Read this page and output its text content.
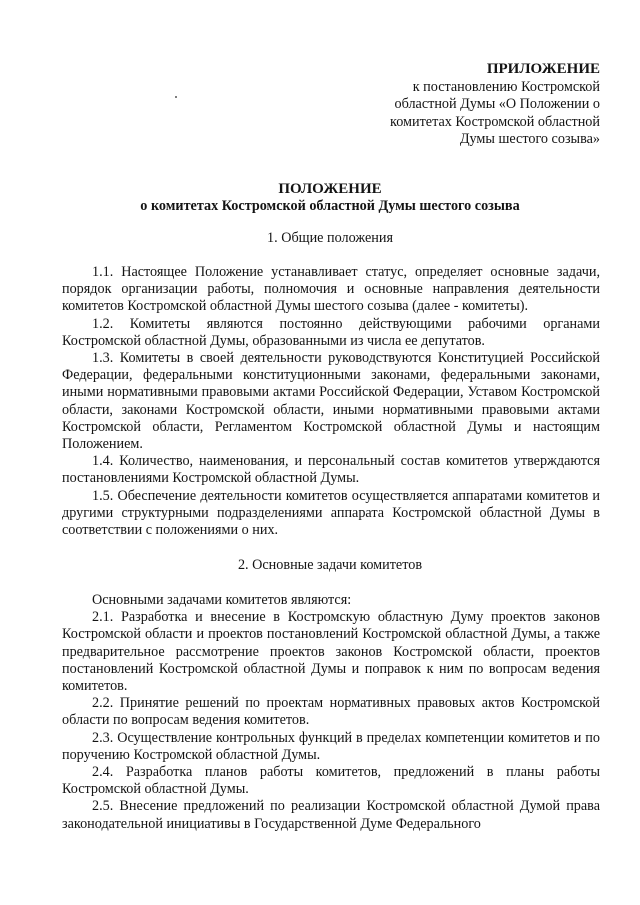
ПРИЛОЖЕНИЕ
к постановлению Костромской
областной Думы «О Положении о
комитетах Костромской областной
Думы шестого созыва»
ПОЛОЖЕНИЕ
о комитетах Костромской областной Думы шестого созыва
1. Общие положения

1.1. Настоящее Положение устанавливает статус, определяет основные задачи, порядок организации работы, полномочия и основные направления деятельности комитетов Костромской областной Думы шестого созыва (далее - комитеты).

1.2. Комитеты являются постоянно действующими рабочими органами Костромской областной Думы, образованными из числа ее депутатов.

1.3. Комитеты в своей деятельности руководствуются Конституцией Российской Федерации, федеральными конституционными законами, федеральными законами, иными нормативными правовыми актами Российской Федерации, Уставом Костромской области, законами Костромской области, иными нормативными правовыми актами Костромской области, Регламентом Костромской областной Думы и настоящим Положением.

1.4. Количество, наименования, и персональный состав комитетов утверждаются постановлениями Костромской областной Думы.

1.5. Обеспечение деятельности комитетов осуществляется аппаратами комитетов и другими структурными подразделениями аппарата Костромской областной Думы в соответствии с положениями о них.

2. Основные задачи комитетов

Основными задачами комитетов являются:

2.1. Разработка и внесение в Костромскую областную Думу проектов законов Костромской области и проектов постановлений Костромской областной Думы, а также предварительное рассмотрение проектов законов Костромской области, проектов постановлений Костромской областной Думы и поправок к ним по вопросам ведения комитетов.

2.2. Принятие решений по проектам нормативных правовых актов Костромской области по вопросам ведения комитетов.

2.3. Осуществление контрольных функций в пределах компетенции комитетов и по поручению Костромской областной Думы.

2.4. Разработка планов работы комитетов, предложений в планы работы Костромской областной Думы.

2.5. Внесение предложений по реализации Костромской областной Думой права законодательной инициативы в Государственной Думе Федерального
